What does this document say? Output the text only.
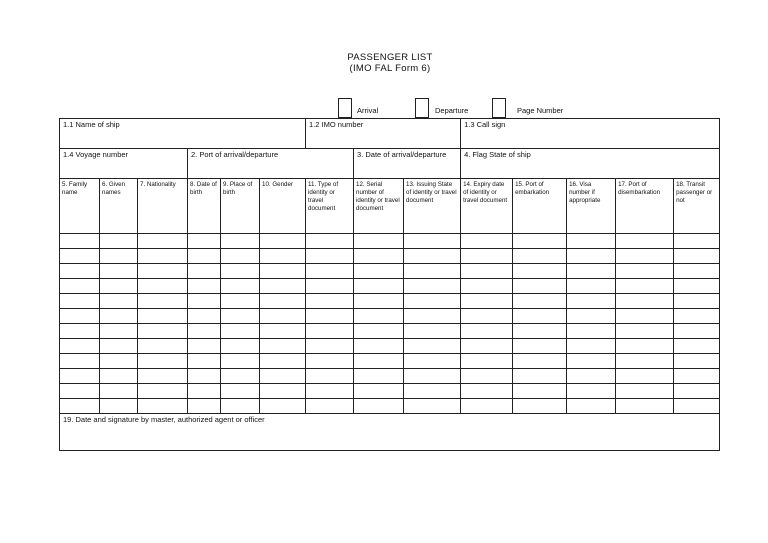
PASSENGER LIST
(IMO FAL Form 6)
Arrival	Departure	Page Number
1.1 Name of ship						1.2 IMO number			1.3 Call sign				
1.4 Voyage number			2. Port of arrival/departure				3. Date of arrival/departure		4. Flag State of ship				
5. Family name	6. Given names	7. Nationality	8. Date of birth	9. Place of birth	10. Gender	11. Type of identity or travel document	12. Serial number of identity or travel document	13. Issuing State of identity or travel document	14. Expiry date of identity or travel document	15. Port of embarkation	16. Visa number if appropriate	17. Port of disembarkation	18. Transit passenger or not

19. Date and signature by master, authorized agent or officer													
